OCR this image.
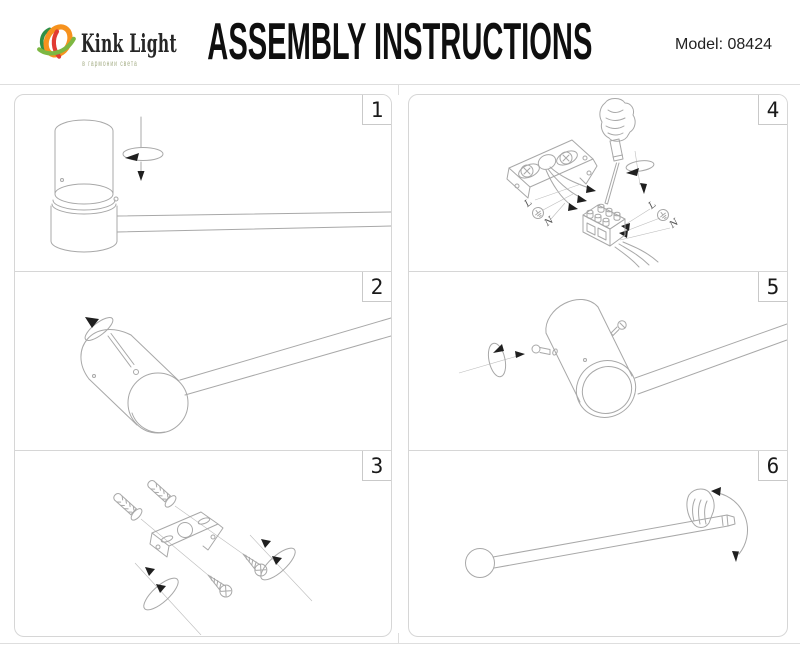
Kink Light
в гармонии света	ASSEMBLY INSTRUCTIONS	Model: 08424
1
2
3
4
L
N
L
N
5
6
